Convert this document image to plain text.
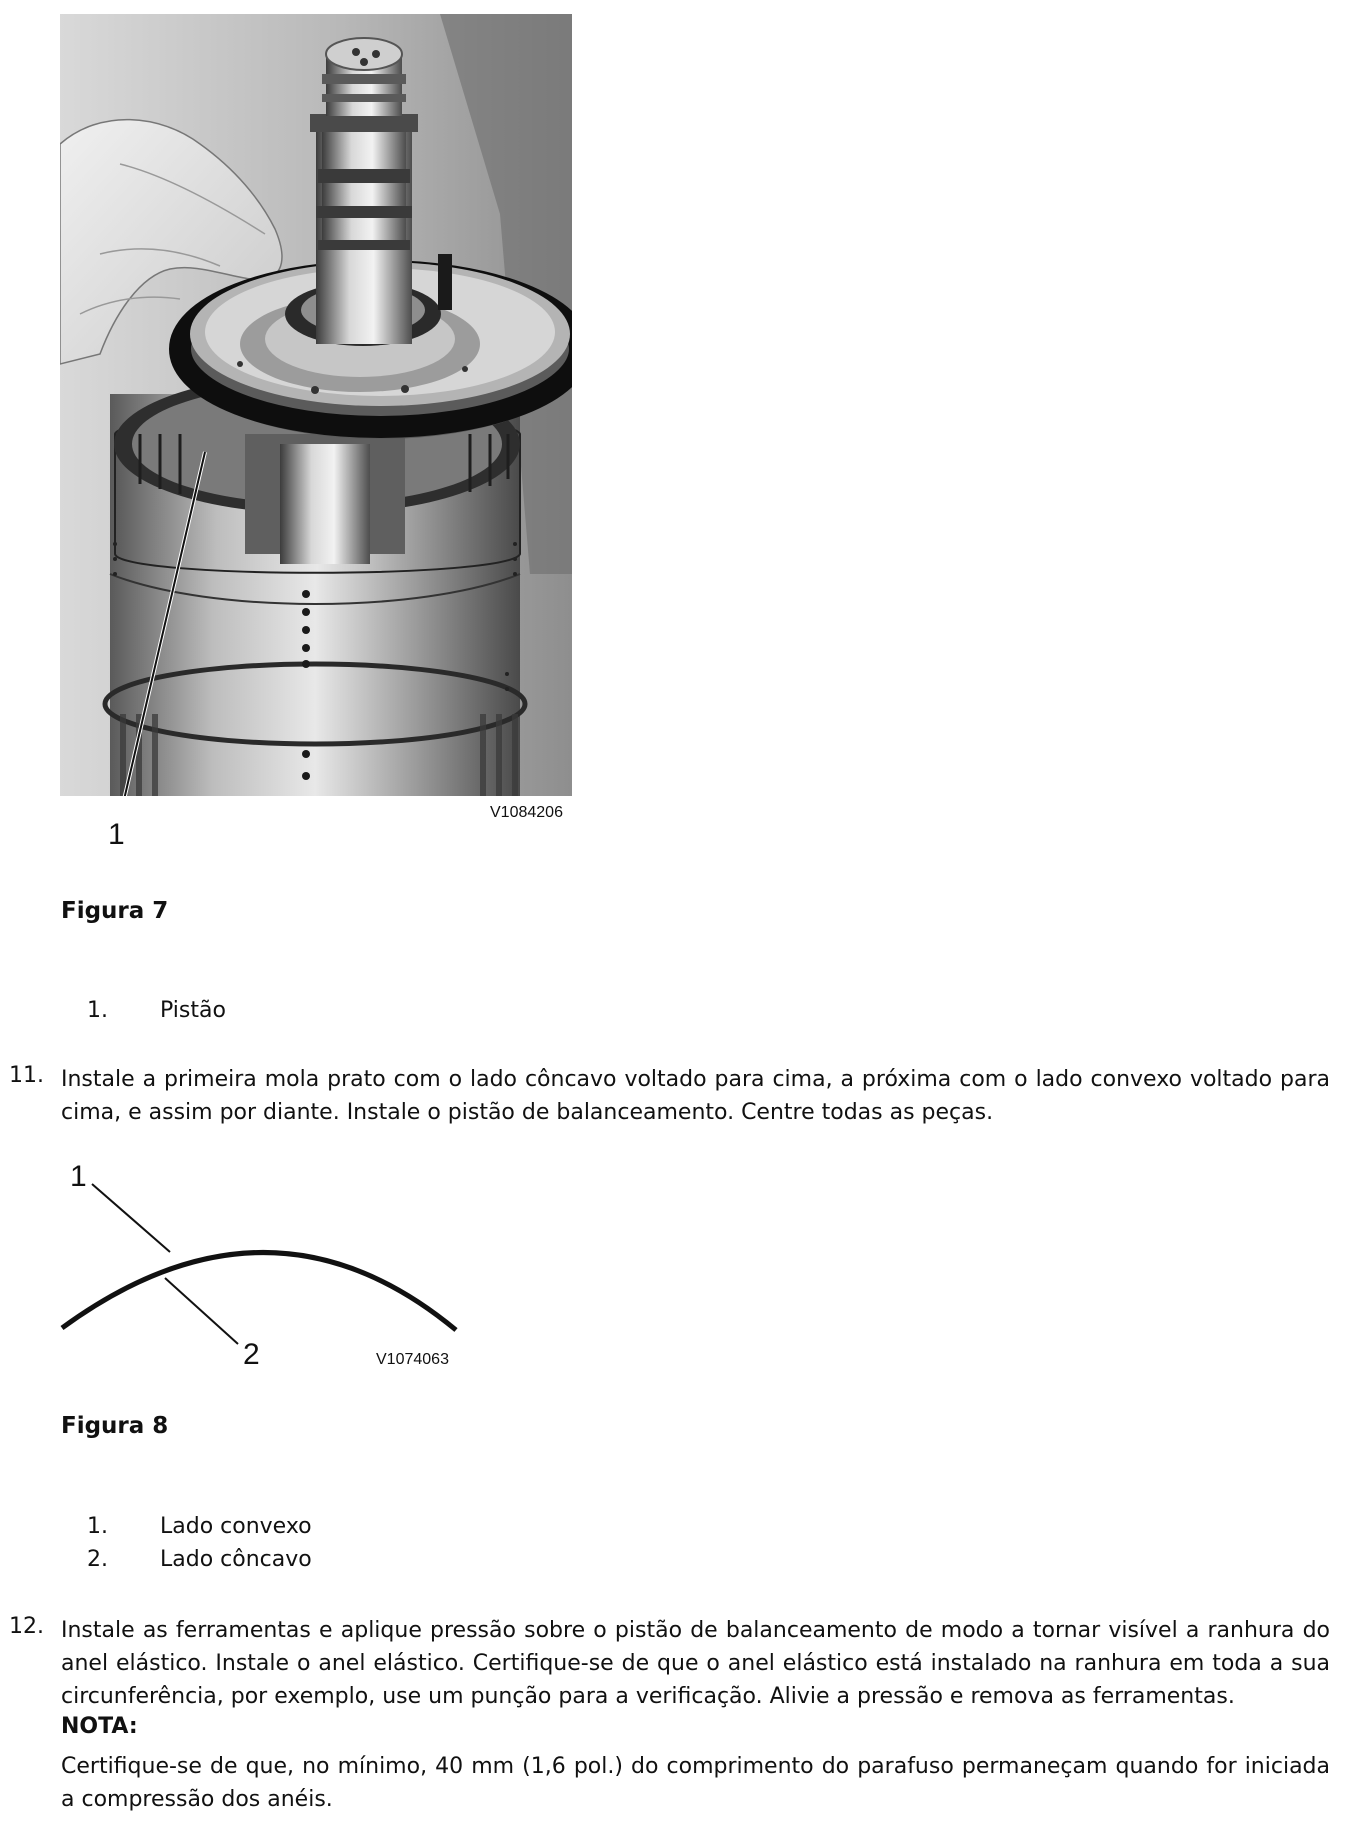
1
V1084206
Figura 7
1. Pistão
11. Instale a primeira mola prato com o lado côncavo voltado para cima, a próxima com o lado convexo voltado para cima, e assim por diante. Instale o pistão de balanceamento. Centre todas as peças.
1
2	V1074063
Figura 8
1. Lado convexo
2. Lado côncavo
12. Instale as ferramentas e aplique pressão sobre o pistão de balanceamento de modo a tornar visível a ranhura do anel elástico. Instale o anel elástico. Certifique-se de que o anel elástico está instalado na ranhura em toda a sua circunferência, por exemplo, use um punção para a verificação. Alivie a pressão e remova as ferramentas.
NOTA:
Certifique-se de que, no mínimo, 40 mm (1,6 pol.) do comprimento do parafuso permaneçam quando for iniciada a compressão dos anéis.
